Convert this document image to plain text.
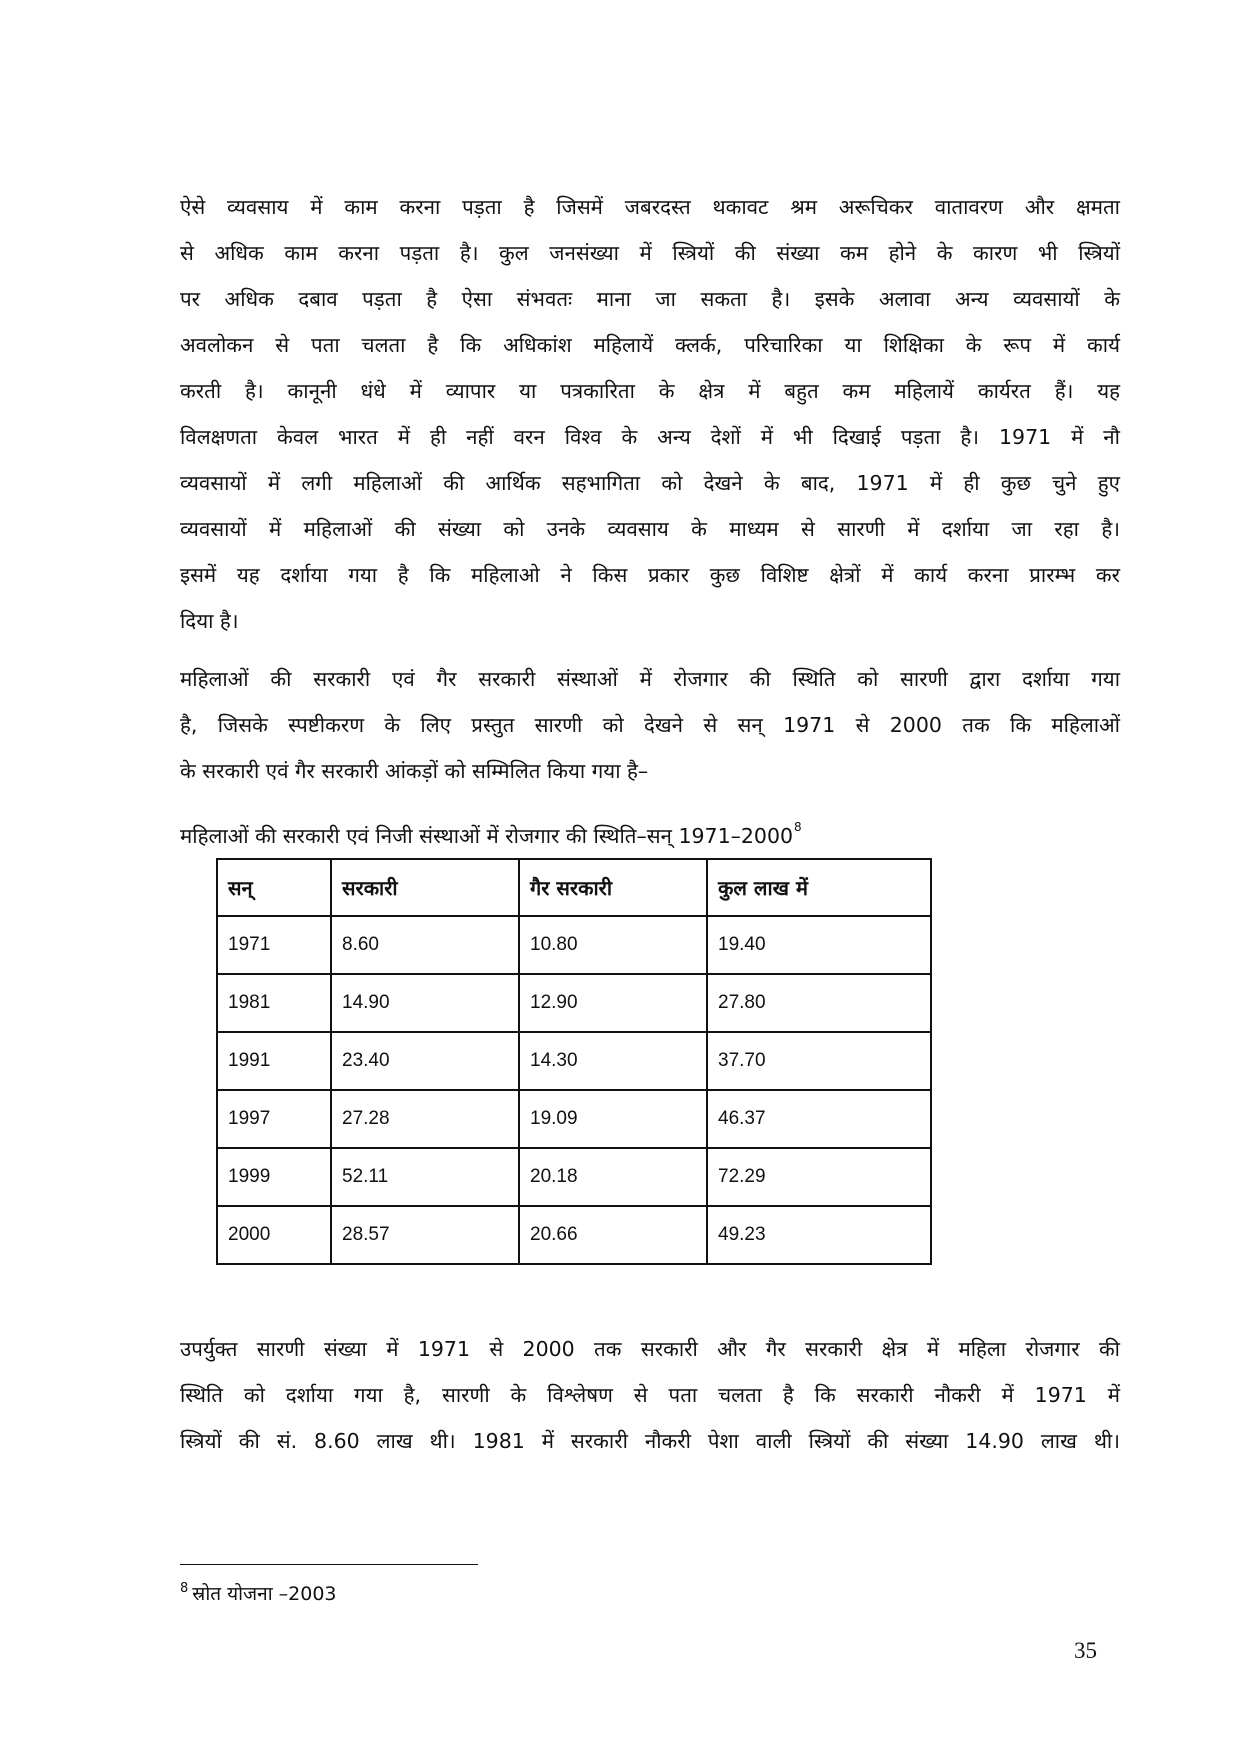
ऐसे व्यवसाय में काम करना पड़ता है जिसमें जबरदस्त थकावट श्रम अरूचिकर वातावरण और क्षमता
से अधिक काम करना पड़ता है। कुल जनसंख्या में स्त्रियों की संख्या कम होने के कारण भी स्त्रियों
पर अधिक दबाव पड़ता है ऐसा संभवतः माना जा सकता है। इसके अलावा अन्य व्यवसायों के
अवलोकन से पता चलता है कि अधिकांश महिलायें क्लर्क, परिचारिका या शिक्षिका के रूप में कार्य
करती है। कानूनी धंधे में व्यापार या पत्रकारिता के क्षेत्र में बहुत कम महिलायें कार्यरत हैं। यह
विलक्षणता केवल भारत में ही नहीं वरन विश्व के अन्य देशों में भी दिखाई पड़ता है। 1971 में नौ
व्यवसायों में लगी महिलाओं की आर्थिक सहभागिता को देखने के बाद, 1971 में ही कुछ चुने हुए
व्यवसायों में महिलाओं की संख्या को उनके व्यवसाय के माध्यम से सारणी में दर्शाया जा रहा है।
इसमें यह दर्शाया गया है कि महिलाओ ने किस प्रकार कुछ विशिष्ट क्षेत्रों में कार्य करना प्रारम्भ कर
दिया है।
महिलाओं की सरकारी एवं गैर सरकारी संस्थाओं में रोजगार की स्थिति को सारणी द्वारा दर्शाया गया
है, जिसके स्पष्टीकरण के लिए प्रस्तुत सारणी को देखने से सन् 1971 से 2000 तक कि महिलाओं
के सरकारी एवं गैर सरकारी आंकड़ों को सम्मिलित किया गया है–
महिलाओं की सरकारी एवं निजी संस्थाओं में रोजगार की स्थिति–सन् 1971–2000$^8$
सन्	सरकारी	गैर सरकारी	कुल लाख में
1971	8.60	10.80	19.40
1981	14.90	12.90	27.80
1991	23.40	14.30	37.70
1997	27.28	19.09	46.37
1999	52.11	20.18	72.29
2000	28.57	20.66	49.23
उपर्युक्त सारणी संख्या में 1971 से 2000 तक सरकारी और गैर सरकारी क्षेत्र में महिला रोजगार की
स्थिति को दर्शाया गया है, सारणी के विश्लेषण से पता चलता है कि सरकारी नौकरी में 1971 में
स्त्रियों की सं. 8.60 लाख थी। 1981 में सरकारी नौकरी पेशा वाली स्त्रियों की संख्या 14.90 लाख थी।
$^8$ स्रोत योजना –2003
35
